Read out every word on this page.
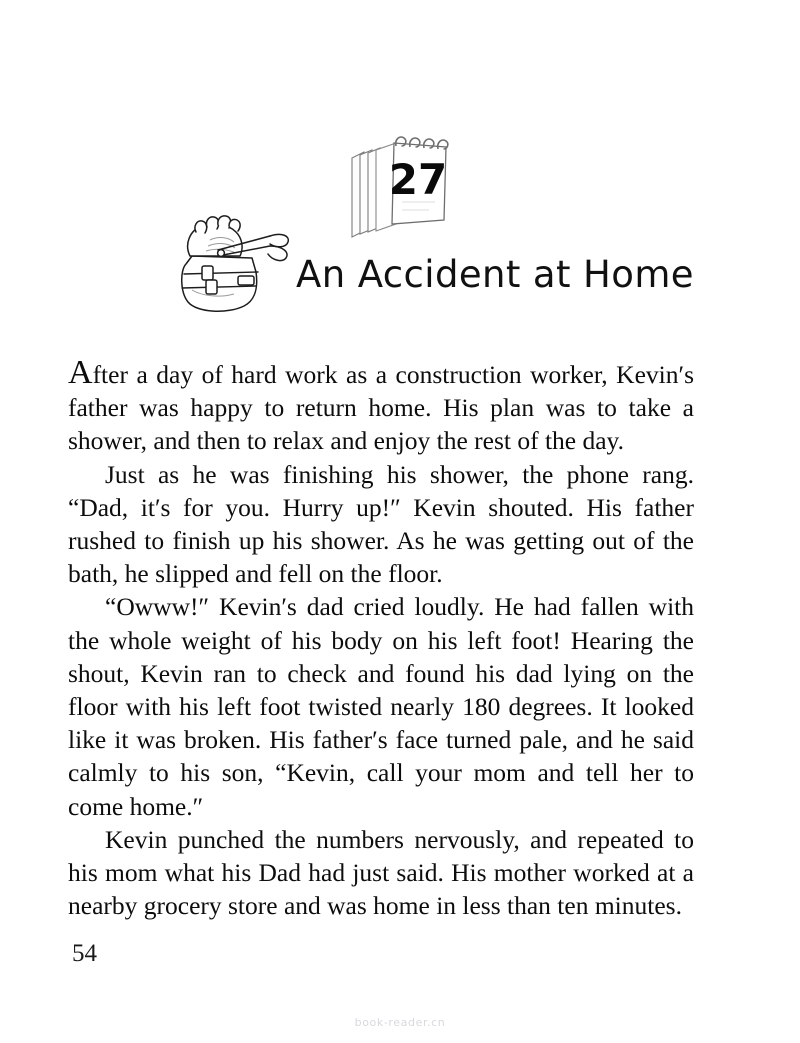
27
An Accident at Home

After a day of hard work as a construction worker, Kevin′s father was happy to return home. His plan was to take a shower, and then to relax and enjoy the rest of the day.

Just as he was finishing his shower, the phone rang. “Dad, it′s for you. Hurry up!″ Kevin shouted. His father rushed to finish up his shower. As he was getting out of the bath, he slipped and fell on the floor.

“Owww!″ Kevin′s dad cried loudly. He had fallen with the whole weight of his body on his left foot! Hearing the shout, Kevin ran to check and found his dad lying on the floor with his left foot twisted nearly 180 degrees. It looked like it was broken. His father′s face turned pale, and he said calmly to his son, “Kevin, call your mom and tell her to come home.″

Kevin punched the numbers nervously, and repeated to his mom what his Dad had just said. His mother worked at a nearby grocery store and was home in less than ten minutes.

54
book-reader.cn
